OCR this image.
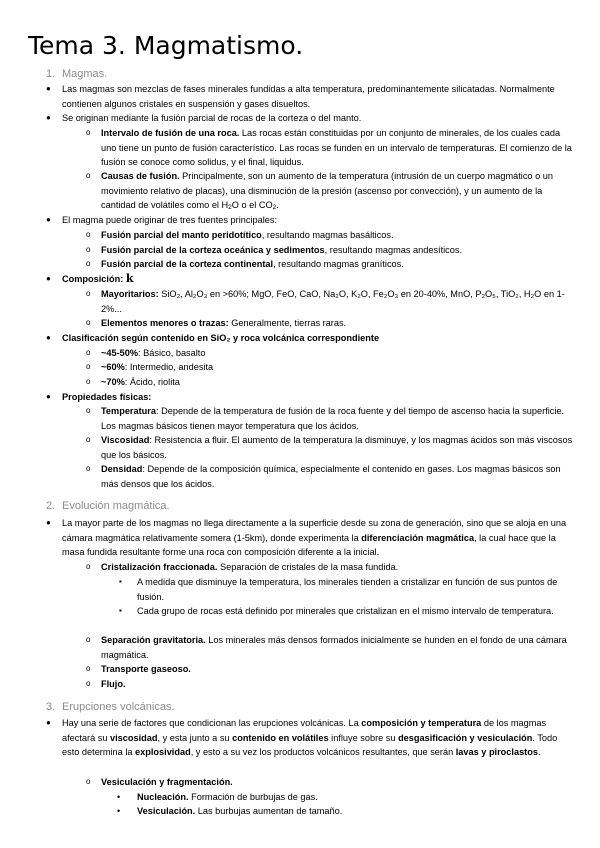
Tema 3. Magmatismo.
1. Magmas.
● Las magmas son mezclas de fases minerales fundidas a alta temperatura, predominantemente silicatadas. Normalmente contienen algunos cristales en suspensión y gases disueltos.
● Se originan mediante la fusión parcial de rocas de la corteza o del manto.
o Intervalo de fusión de una roca. Las rocas están constituidas por un conjunto de minerales, de los cuales cada uno tiene un punto de fusión característico. Las rocas se funden en un intervalo de temperaturas. El comienzo de la fusión se conoce como solidus, y el final, liquidus.
o Causas de fusión. Principalmente, son un aumento de la temperatura (intrusión de un cuerpo magmático o un movimiento relativo de placas), una disminución de la presión (ascenso por convección), y un aumento de la cantidad de volátiles como el $H_2O$ o el $CO_2$.
● El magma puede originar de tres fuentes principales:
o Fusión parcial del manto peridotítico, resultando magmas basálticos.
o Fusión parcial de la corteza oceánica y sedimentos, resultando magmas andesíticos.
o Fusión parcial de la corteza continental, resultando magmas graníticos.
● Composición: k
o Mayoritarios: SiO₂, Al₂O₃ en >60%; MgO, FeO, CaO, Na₂O, K₂O, Fe₂O₃ en 20-40%, MnO, P₂O₅, TiO₂, H₂O en 1-2%...
o Elementos menores o trazas: Generalmente, tierras raras.
● Clasificación según contenido en SiO₂ y roca volcánica correspondiente
o ~45-50%: Básico, basalto
o ~60%: Intermedio, andesita
o ~70%: Ácido, riolita
● Propiedades físicas:
o Temperatura: Depende de la temperatura de fusión de la roca fuente y del tiempo de ascenso hacia la superficie. Los magmas básicos tienen mayor temperatura que los ácidos.
o Viscosidad: Resistencia a fluir. El aumento de la temperatura la disminuye, y los magmas ácidos son más viscosos que los básicos.
o Densidad: Depende de la composición química, especialmente el contenido en gases. Los magmas básicos son más densos que los ácidos.
2. Evolución magmática.
● La mayor parte de los magmas no llega directamente a la superficie desde su zona de generación, sino que se aloja en una cámara magmática relativamente somera (1-5km), donde experimenta la diferenciación magmática, la cual hace que la masa fundida resultante forme una roca con composición diferente a la inicial.
o Cristalización fraccionada. Separación de cristales de la masa fundida.
▪ A medida que disminuye la temperatura, los minerales tienden a cristalizar en función de sus puntos de fusión.
▪ Cada grupo de rocas está definido por minerales que cristalizan en el mismo intervalo de temperatura.
o Separación gravitatoria. Los minerales más densos formados inicialmente se hunden en el fondo de una cámara magmática.
o Transporte gaseoso.
o Flujo.
3. Erupciones volcánicas.
● Hay una serie de factores que condicionan las erupciones volcánicas. La composición y temperatura de los magmas afectará su viscosidad, y esta junto a su contenido en volátiles influye sobre su desgasificación y vesiculación. Todo esto determina la explosividad, y esto a su vez los productos volcánicos resultantes, que serán lavas y piroclastos.
o Vesiculación y fragmentación.
• Nucleación. Formación de burbujas de gas.
• Vesiculación. Las burbujas aumentan de tamaño.
